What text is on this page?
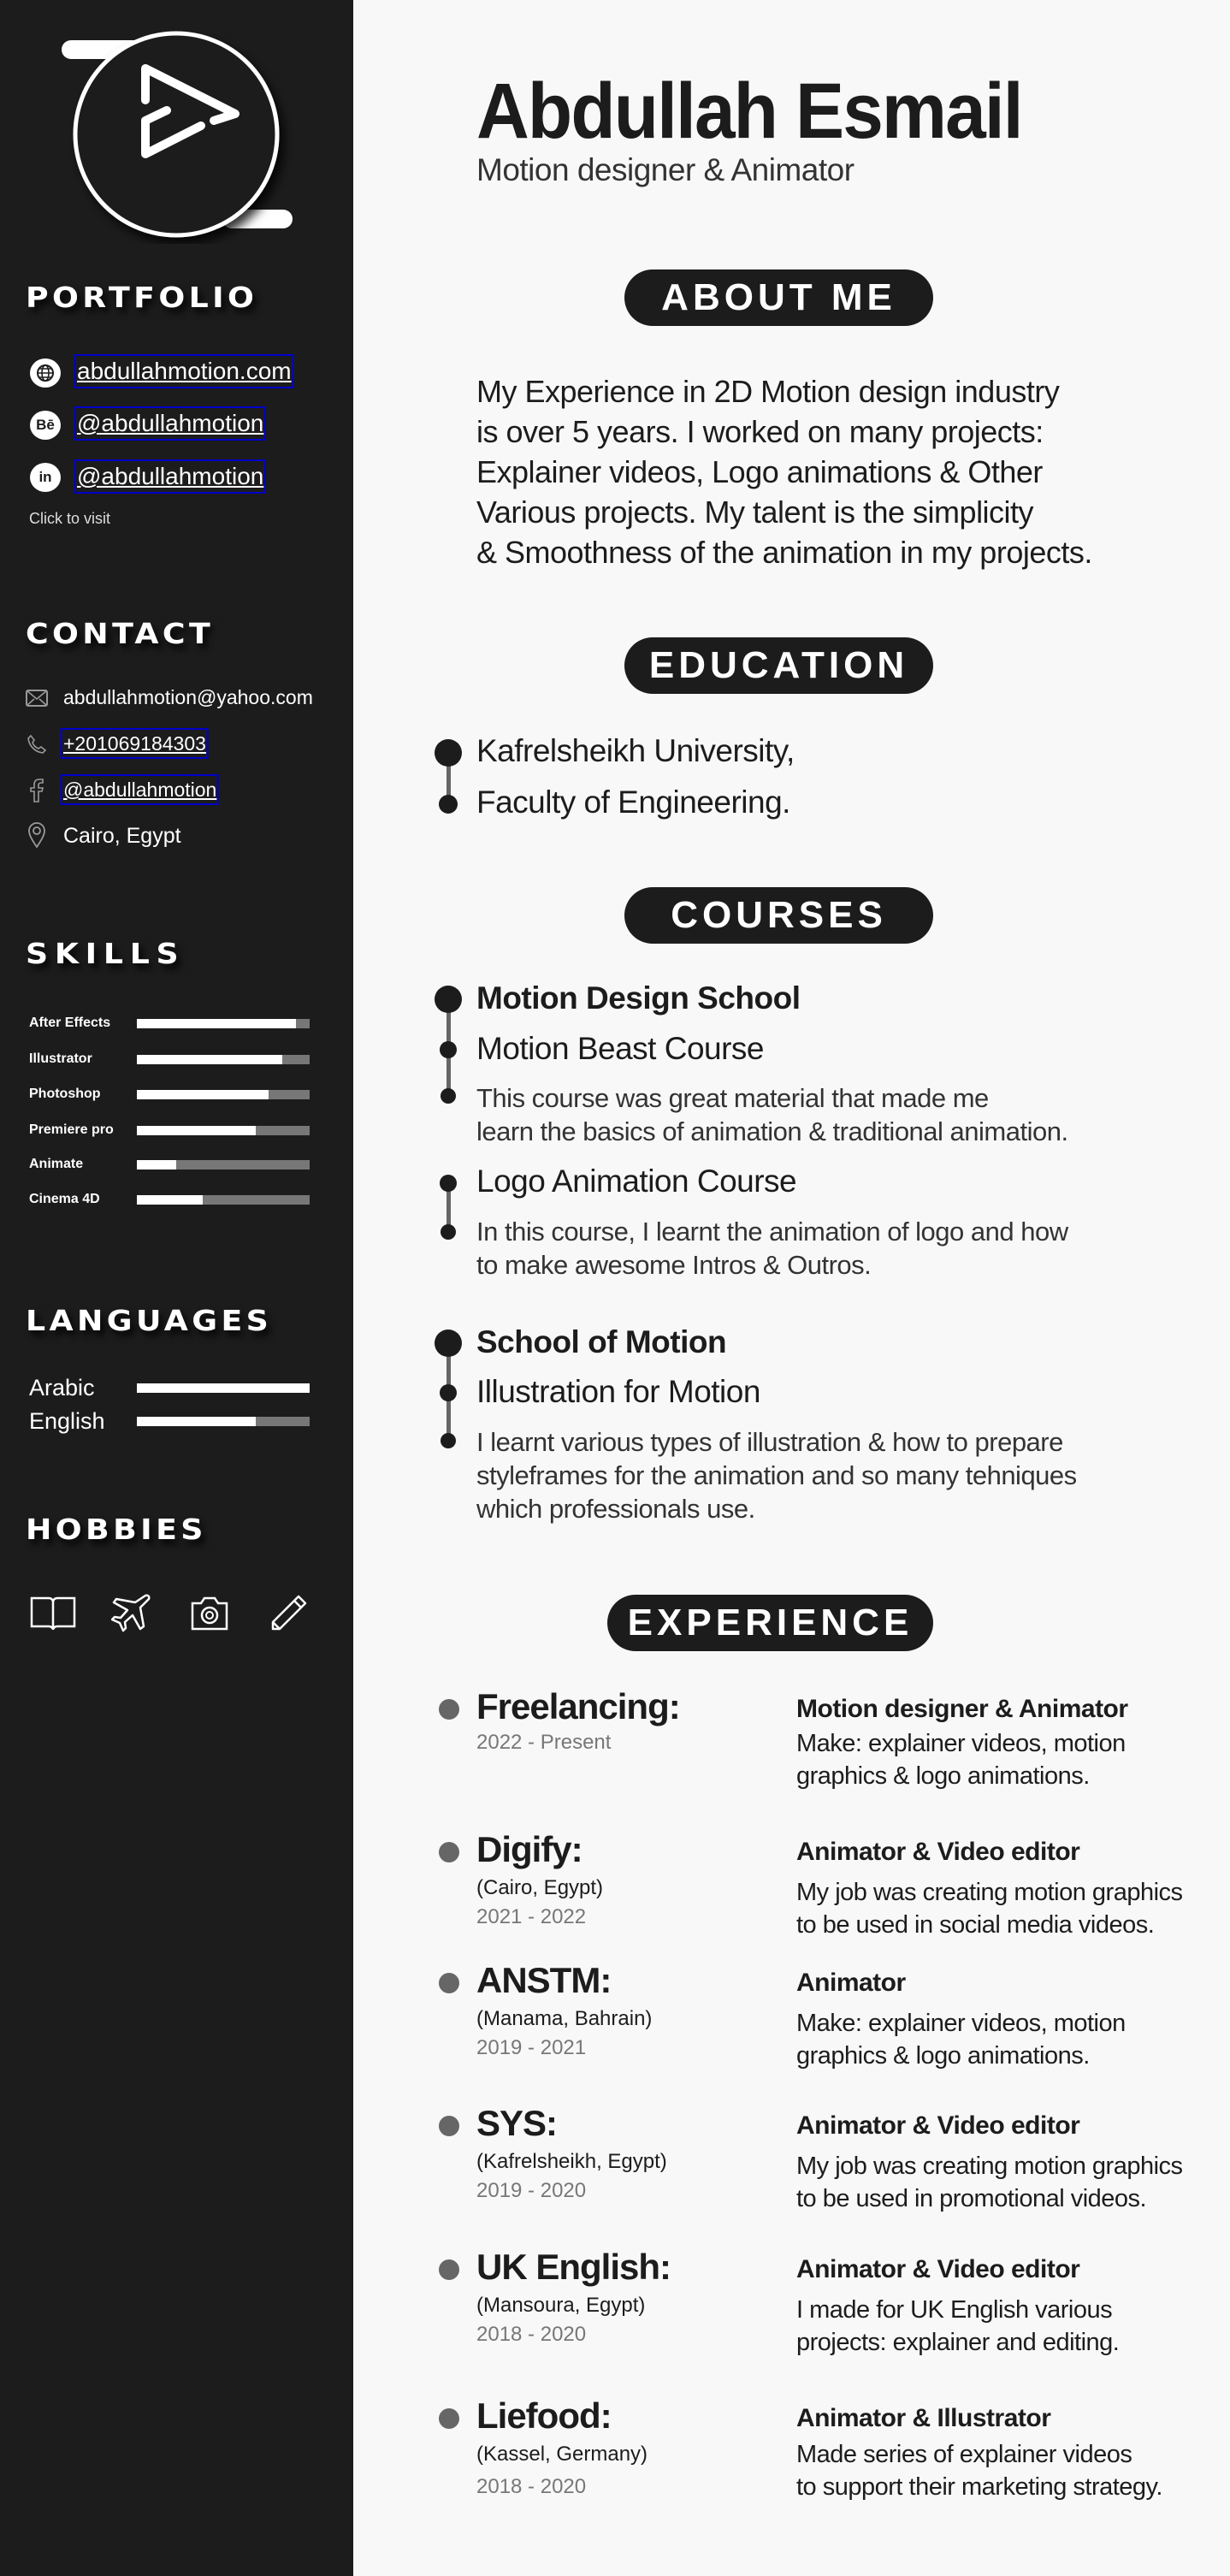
PORTFOLIO
abdullahmotion.com
Bē @abdullahmotion
in	@abdullahmotion
Click to visit
CONTACT
abdullahmotion@yahoo.com
+201069184303
@abdullahmotion
Cairo, Egypt
SKILLS
After Effects
Illustrator
Photoshop
Premiere pro
Animate
Cinema 4D
LANGUAGES
Arabic
English
HOBBIES
Abdullah Esmail
Motion designer & Animator
ABOUT ME
My Experience in 2D Motion design industry
is over 5 years. I worked on many projects:
Explainer videos, Logo animations & Other
Various projects. My talent is the simplicity
& Smoothness of the animation in my projects.
EDUCATION
Kafrelsheikh University,
Faculty of Engineering.
COURSES
Motion Design School
Motion Beast Course
This course was great material that made me
learn the basics of animation & traditional animation.
Logo Animation Course
In this course, I learnt the animation of logo and how
to make awesome Intros & Outros.
School of Motion
Illustration for Motion
I learnt various types of illustration & how to prepare
styleframes for the animation and so many tehniques
which professionals use.
EXPERIENCE
Freelancing:
2022 - Present
Motion designer & Animator
Make: explainer videos, motion
graphics & logo animations.
Digify:
(Cairo, Egypt)
2021 - 2022
Animator & Video editor
My job was creating motion graphics
to be used in social media videos.
ANSTM:
(Manama, Bahrain)
2019 - 2021
Animator
Make: explainer videos, motion
graphics & logo animations.
SYS:
(Kafrelsheikh, Egypt)
2019 - 2020
Animator & Video editor
My job was creating motion graphics
to be used in promotional videos.
UK English:
(Mansoura, Egypt)
2018 - 2020
Animator & Video editor
I made for UK English various
projects: explainer and editing.
Liefood:
(Kassel, Germany)
2018 - 2020
Animator & Illustrator
Made series of explainer videos
to support their marketing strategy.
